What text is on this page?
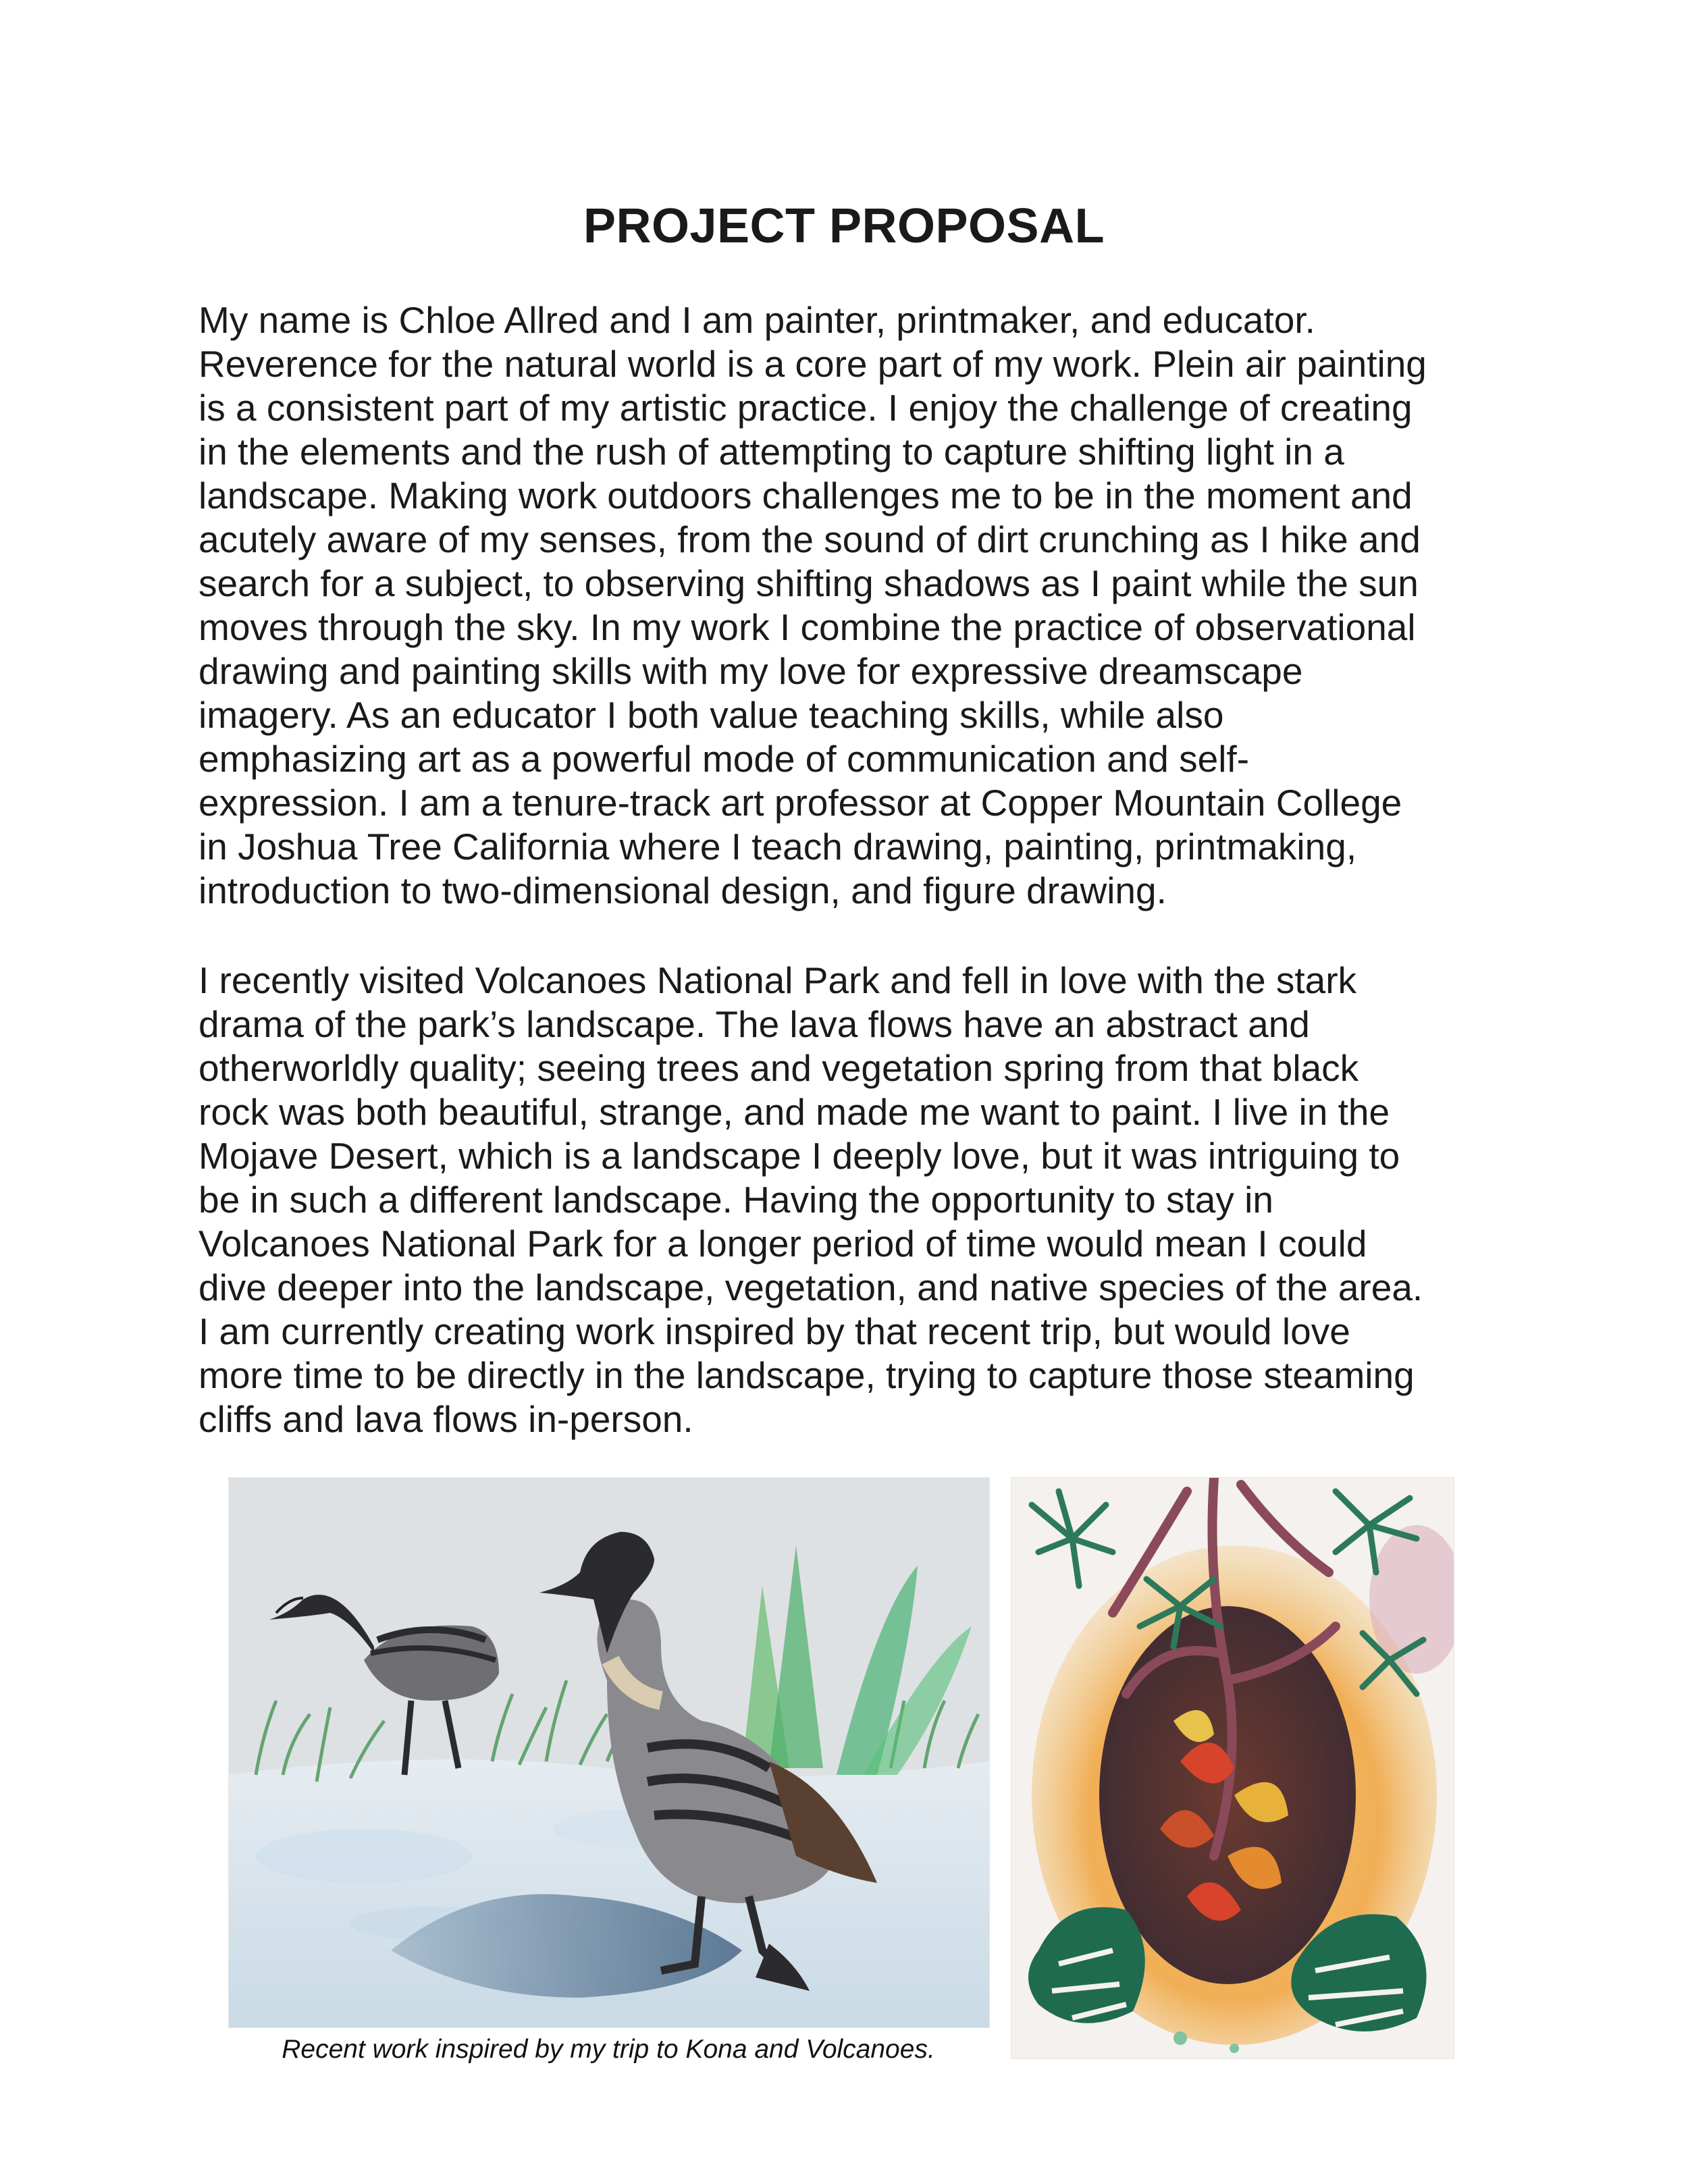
PROJECT PROPOSAL
My name is Chloe Allred and I am painter, printmaker, and educator.
Reverence for the natural world is a core part of my work. Plein air painting
is a consistent part of my artistic practice. I enjoy the challenge of creating
in the elements and the rush of attempting to capture shifting light in a
landscape. Making work outdoors challenges me to be in the moment and
acutely aware of my senses, from the sound of dirt crunching as I hike and
search for a subject, to observing shifting shadows as I paint while the sun
moves through the sky. In my work I combine the practice of observational
drawing and painting skills with my love for expressive dreamscape
imagery. As an educator I both value teaching skills, while also
emphasizing art as a powerful mode of communication and self-
expression. I am a tenure-track art professor at Copper Mountain College
in Joshua Tree California where I teach drawing, painting, printmaking,
introduction to two-dimensional design, and figure drawing.
I recently visited Volcanoes National Park and fell in love with the stark
drama of the park’s landscape. The lava flows have an abstract and
otherworldly quality; seeing trees and vegetation spring from that black
rock was both beautiful, strange, and made me want to paint. I live in the
Mojave Desert, which is a landscape I deeply love, but it was intriguing to
be in such a different landscape. Having the opportunity to stay in
Volcanoes National Park for a longer period of time would mean I could
dive deeper into the landscape, vegetation, and native species of the area.
I am currently creating work inspired by that recent trip, but would love
more time to be directly in the landscape, trying to capture those steaming
cliffs and lava flows in-person.
Recent work inspired by my trip to Kona and Volcanoes.
